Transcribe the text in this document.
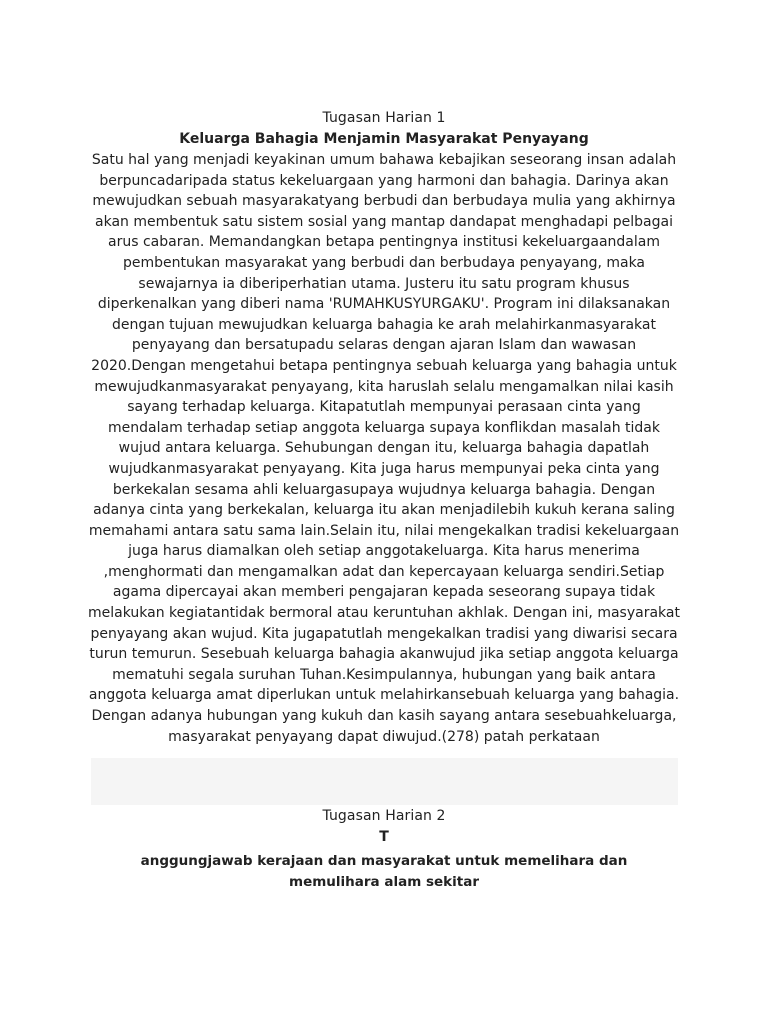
Tugasan Harian 1
Keluarga Bahagia Menjamin Masyarakat Penyayang

Satu hal yang menjadi keyakinan umum bahawa kebajikan seseorang insan adalah berpuncadaripada status kekeluargaan yang harmoni dan bahagia. Darinya akan mewujudkan sebuah masyarakatyang berbudi dan berbudaya mulia yang akhirnya akan membentuk satu sistem sosial yang mantap dandapat menghadapi pelbagai arus cabaran. Memandangkan betapa pentingnya institusi kekeluargaandalam pembentukan masyarakat yang berbudi dan berbudaya penyayang, maka sewajarnya ia diberiperhatian utama. Justeru itu satu program khusus diperkenalkan yang diberi nama 'RUMAHKUSYURGAKU'. Program ini dilaksanakan dengan tujuan mewujudkan keluarga bahagia ke arah melahirkanmasyarakat penyayang dan bersatupadu selaras dengan ajaran Islam dan wawasan 2020.Dengan mengetahui betapa pentingnya sebuah keluarga yang bahagia untuk mewujudkanmasyarakat penyayang, kita haruslah selalu mengamalkan nilai kasih sayang terhadap keluarga. Kitapatutlah mempunyai perasaan cinta yang mendalam terhadap setiap anggota keluarga supaya konflikdan masalah tidak wujud antara keluarga. Sehubungan dengan itu, keluarga bahagia dapatlah wujudkanmasyarakat penyayang. Kita juga harus mempunyai peka cinta yang berkekalan sesama ahli keluargasupaya wujudnya keluarga bahagia. Dengan adanya cinta yang berkekalan, keluarga itu akan menjadilebih kukuh kerana saling memahami antara satu sama lain.Selain itu, nilai mengekalkan tradisi kekeluargaan juga harus diamalkan oleh setiap anggotakeluarga. Kita harus menerima ,menghormati dan mengamalkan adat dan kepercayaan keluarga sendiri.Setiap agama dipercayai akan memberi pengajaran kepada seseorang supaya tidak melakukan kegiatantidak bermoral atau keruntuhan akhlak. Dengan ini, masyarakat penyayang akan wujud. Kita jugapatutlah mengekalkan tradisi yang diwarisi secara turun temurun. Sesebuah keluarga bahagia akanwujud jika setiap anggota keluarga mematuhi segala suruhan Tuhan.Kesimpulannya, hubungan yang baik antara anggota keluarga amat diperlukan untuk melahirkansebuah keluarga yang bahagia. Dengan adanya hubungan yang kukuh dan kasih sayang antara sesebuahkeluarga, masyarakat penyayang dapat diwujud.(278) patah perkataan

Tugasan Harian 2
T
anggungjawab kerajaan dan masyarakat untuk memelihara dan memulihara alam sekitar
